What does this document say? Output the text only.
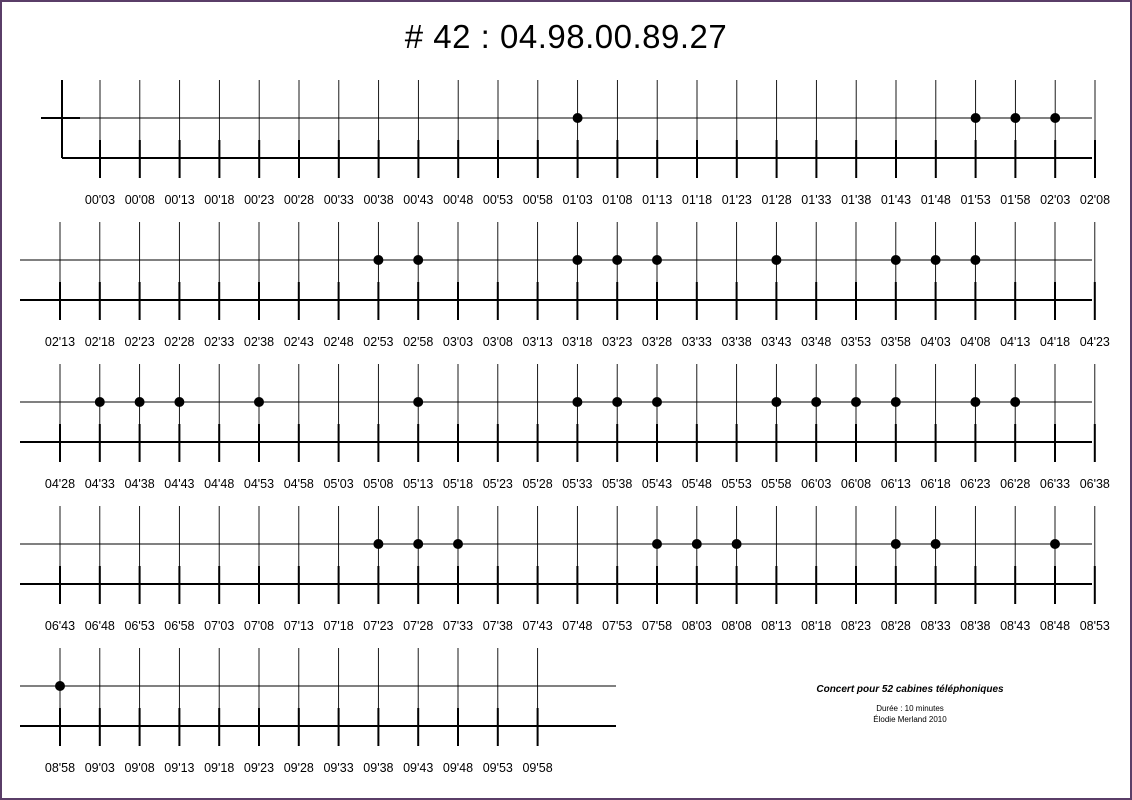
# 42 : 04.98.00.89.27
00'03 00'08 00'13 00'18 00'23 00'28 00'33 00'38 00'43 00'48 00'53 00'58 01'03 01'08 01'13 01'18 01'23 01'28 01'33 01'38 01'43 01'48 01'53 01'58 02'03 02'08
02'13 02'18 02'23 02'28 02'33 02'38 02'43 02'48 02'53 02'58 03'03 03'08 03'13 03'18 03'23 03'28 03'33 03'38 03'43 03'48 03'53 03'58 04'03 04'08 04'13 04'18 04'23
04'28 04'33 04'38 04'43 04'48 04'53 04'58 05'03 05'08 05'13 05'18 05'23 05'28 05'33 05'38 05'43 05'48 05'53 05'58 06'03 06'08 06'13 06'18 06'23 06'28 06'33 06'38
06'43 06'48 06'53 06'58 07'03 07'08 07'13 07'18 07'23 07'28 07'33 07'38 07'43 07'48 07'53 07'58 08'03 08'08 08'13 08'18 08'23 08'28 08'33 08'38 08'43 08'48 08'53
08'58 09'03 09'08 09'13 09'18 09'23 09'28 09'33 09'38 09'43 09'48 09'53 09'58
Concert pour 52 cabines téléphoniques
Durée : 10 minutes
Élodie Merland 2010
